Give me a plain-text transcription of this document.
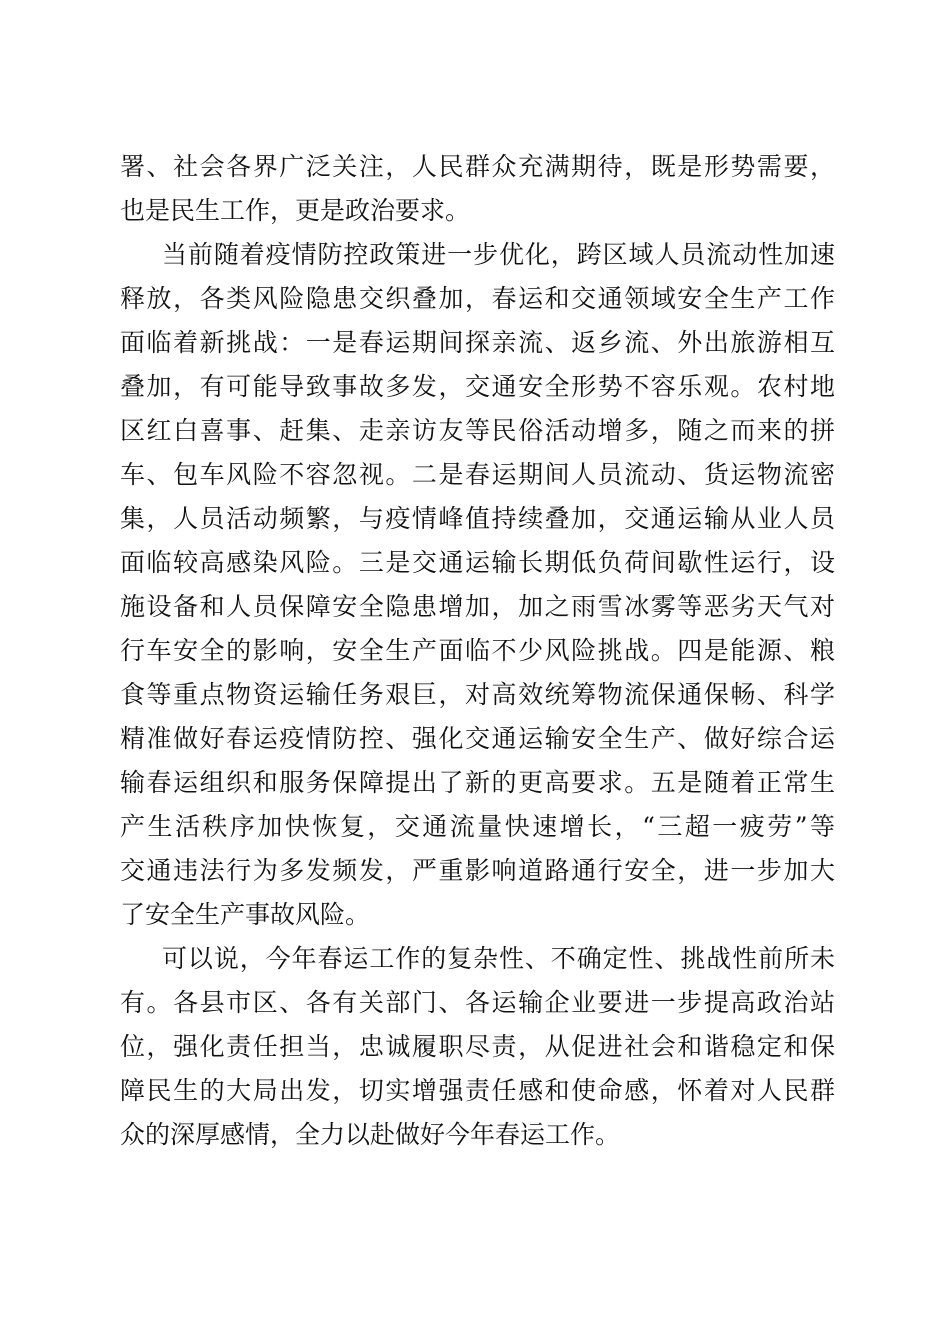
署、社会各界广泛关注，人民群众充满期待，既是形势需要，
也是民生工作，更是政治要求。
当前随着疫情防控政策进一步优化，跨区域人员流动性加速
释放，各类风险隐患交织叠加，春运和交通领域安全生产工作
面临着新挑战：一是春运期间探亲流、返乡流、外出旅游相互
叠加，有可能导致事故多发，交通安全形势不容乐观。农村地
区红白喜事、赶集、走亲访友等民俗活动增多，随之而来的拼
车、包车风险不容忽视。二是春运期间人员流动、货运物流密
集，人员活动频繁，与疫情峰值持续叠加，交通运输从业人员
面临较高感染风险。三是交通运输长期低负荷间歇性运行，设
施设备和人员保障安全隐患增加，加之雨雪冰雾等恶劣天气对
行车安全的影响，安全生产面临不少风险挑战。四是能源、粮
食等重点物资运输任务艰巨，对高效统筹物流保通保畅、科学
精准做好春运疫情防控、强化交通运输安全生产、做好综合运
输春运组织和服务保障提出了新的更高要求。五是随着正常生
产生活秩序加快恢复，交通流量快速增长，“三超一疲劳”等
交通违法行为多发频发，严重影响道路通行安全，进一步加大
了安全生产事故风险。
可以说，今年春运工作的复杂性、不确定性、挑战性前所未
有。各县市区、各有关部门、各运输企业要进一步提高政治站
位，强化责任担当，忠诚履职尽责，从促进社会和谐稳定和保
障民生的大局出发，切实增强责任感和使命感，怀着对人民群
众的深厚感情，全力以赴做好今年春运工作。
